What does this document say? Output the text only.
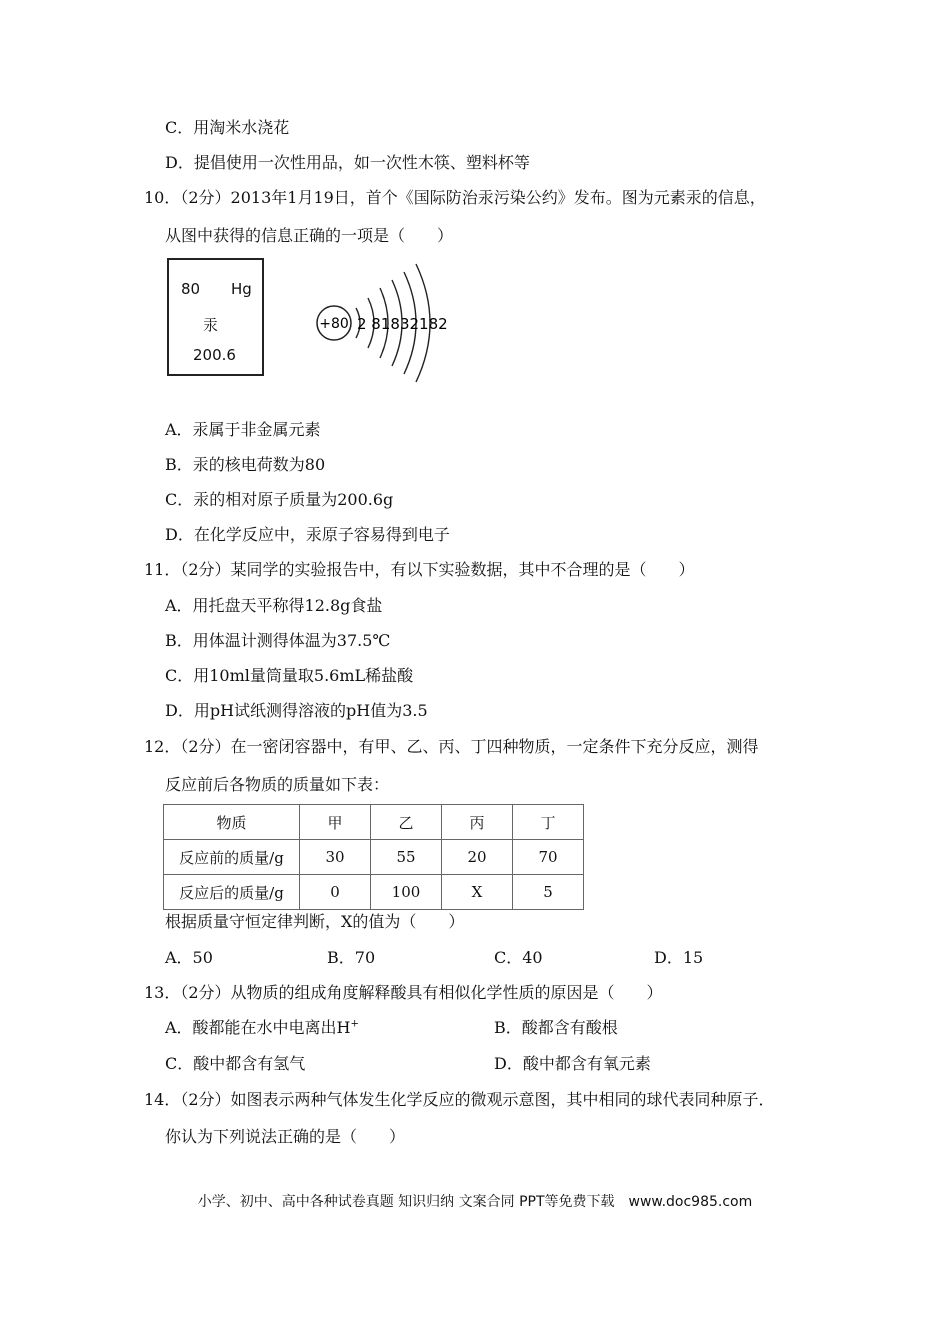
C．用淘米水浇花
D．提倡使用一次性用品，如一次性木筷、塑料杯等
10．（2分）2013年1月19日，首个《国际防治汞污染公约》发布。图为元素汞的信息，
从图中获得的信息正确的一项是（　　）
80 Hg
汞
200.6
+80 2 81832182
A．汞属于非金属元素
B．汞的核电荷数为80
C．汞的相对原子质量为200.6g
D．在化学反应中，汞原子容易得到电子
11．（2分）某同学的实验报告中，有以下实验数据，其中不合理的是（　　）
A．用托盘天平称得12.8g食盐
B．用体温计测得体温为37.5℃
C．用10ml量筒量取5.6mL稀盐酸
D．用pH试纸测得溶液的pH值为3.5
12．（2分）在一密闭容器中，有甲、乙、丙、丁四种物质，一定条件下充分反应，测得
反应前后各物质的质量如下表：
物质	甲	乙	丙	丁
反应前的质量/g	30	55	20	70
反应后的质量/g	0	100	X	5
根据质量守恒定律判断，X的值为（　　）
A．50	B．70	C．40	D．15
13．（2分）从物质的组成角度解释酸具有相似化学性质的原因是（　　）
A．酸都能在水中电离出H+	B．酸都含有酸根
C．酸中都含有氢气	D．酸中都含有氧元素
14．（2分）如图表示两种气体发生化学反应的微观示意图，其中相同的球代表同种原子．
你认为下列说法正确的是（　　）
小学、初中、高中各种试卷真题 知识归纳 文案合同 PPT等免费下载　www.doc985.com
